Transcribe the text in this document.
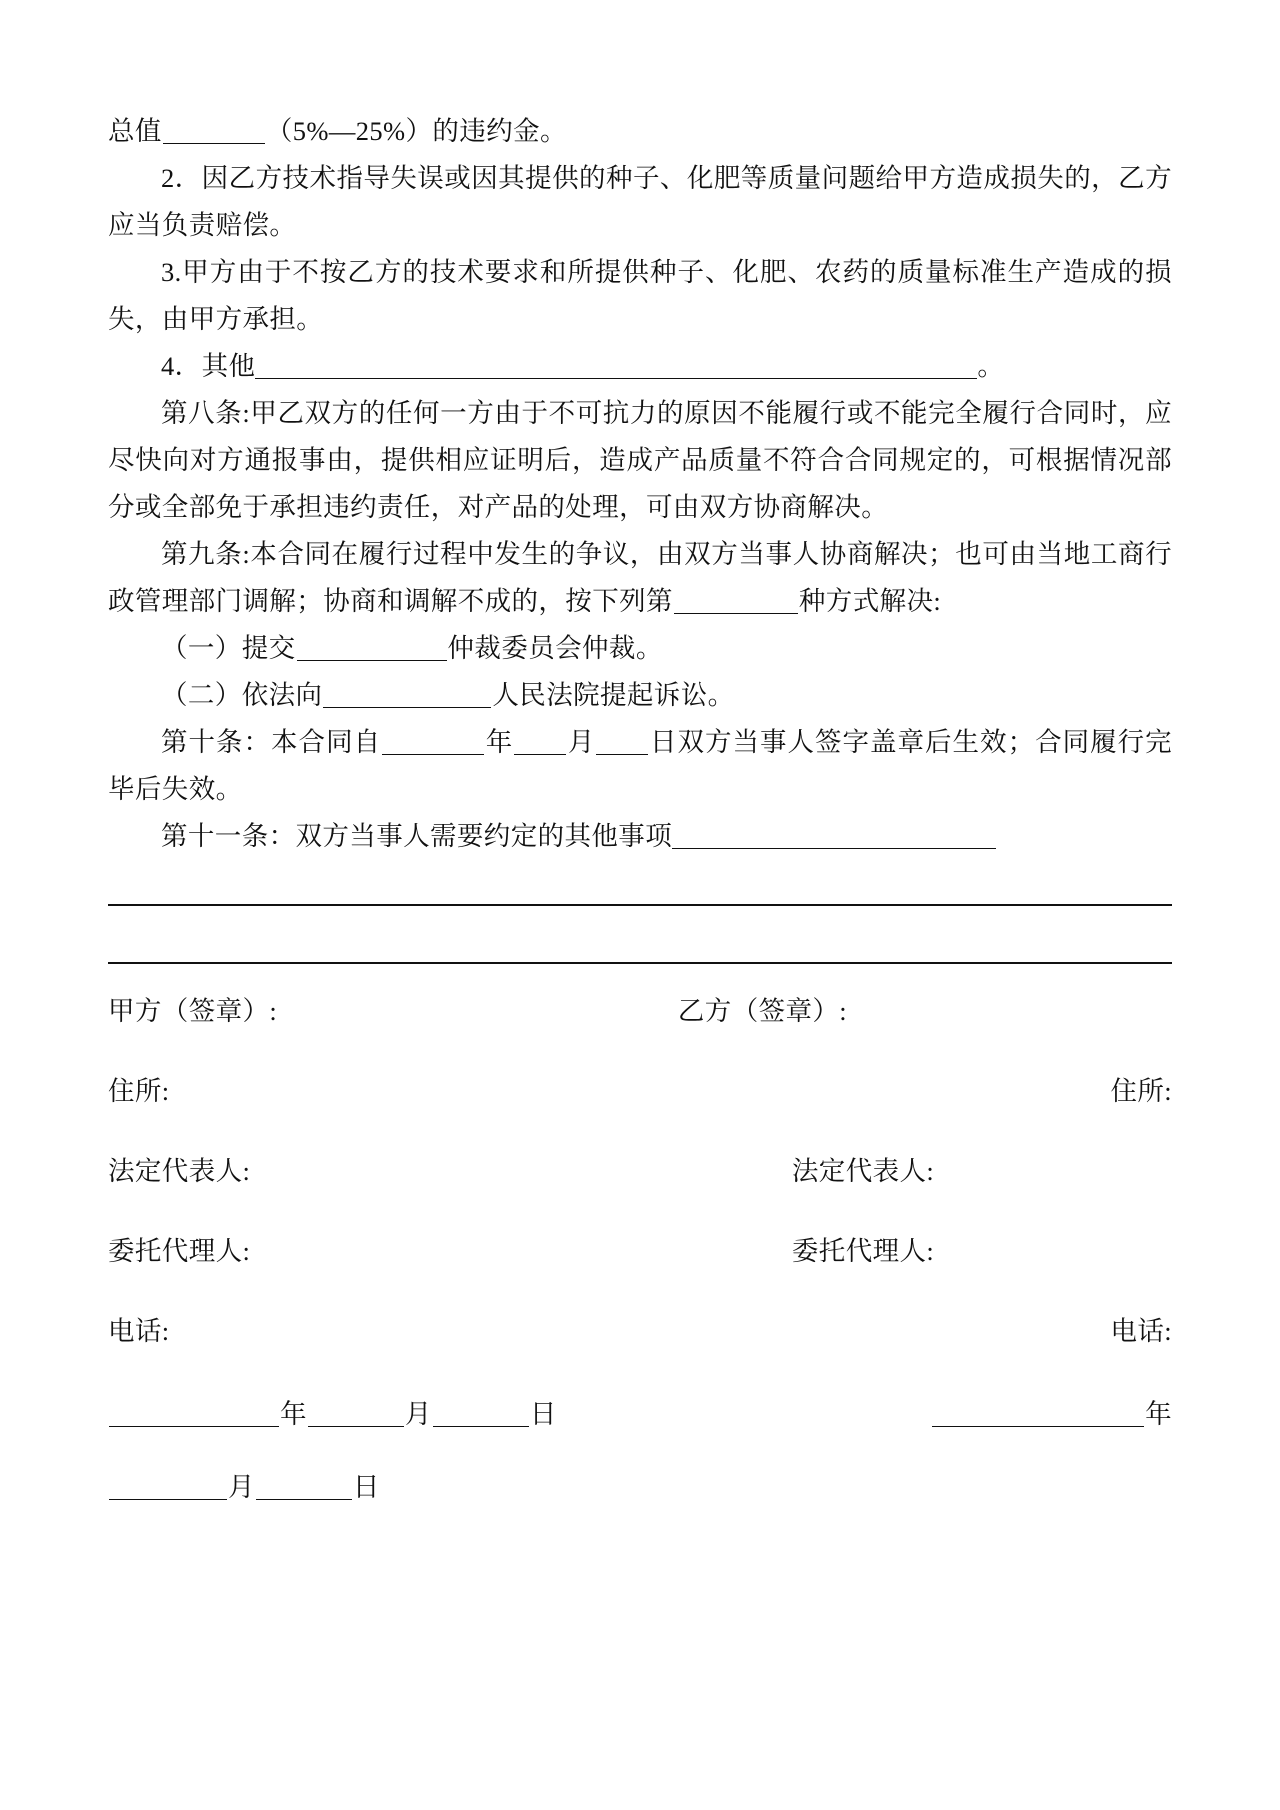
总值	（5%—25%）的违约金。

2．因乙方技术指导失误或因其提供的种子、化肥等质量问题给甲方造成损失的，乙方应当负责赔偿。

3.甲方由于不按乙方的技术要求和所提供种子、化肥、农药的质量标准生产造成的损失，由甲方承担。

4．其他	。

第八条:甲乙双方的任何一方由于不可抗力的原因不能履行或不能完全履行合同时，应尽快向对方通报事由，提供相应证明后，造成产品质量不符合合同规定的，可根据情况部分或全部免于承担违约责任，对产品的处理，可由双方协商解决。

第九条:本合同在履行过程中发生的争议，由双方当事人协商解决；也可由当地工商行政管理部门调解；协商和调解不成的，按下列第	种方式解决:

（一）提交	仲裁委员会仲裁。

（二）依法向	人民法院提起诉讼。

第十条：本合同自	年 月 日双方当事人签字盖章后生效；合同履行完毕后失效。

第十一条：双方当事人需要约定的其他事项

甲方（签章）:	乙方（签章）:
住所:	住所:
法定代表人:	法定代表人:
委托代理人:	委托代理人:
电话:	电话:
年	月	日	年
月	日
